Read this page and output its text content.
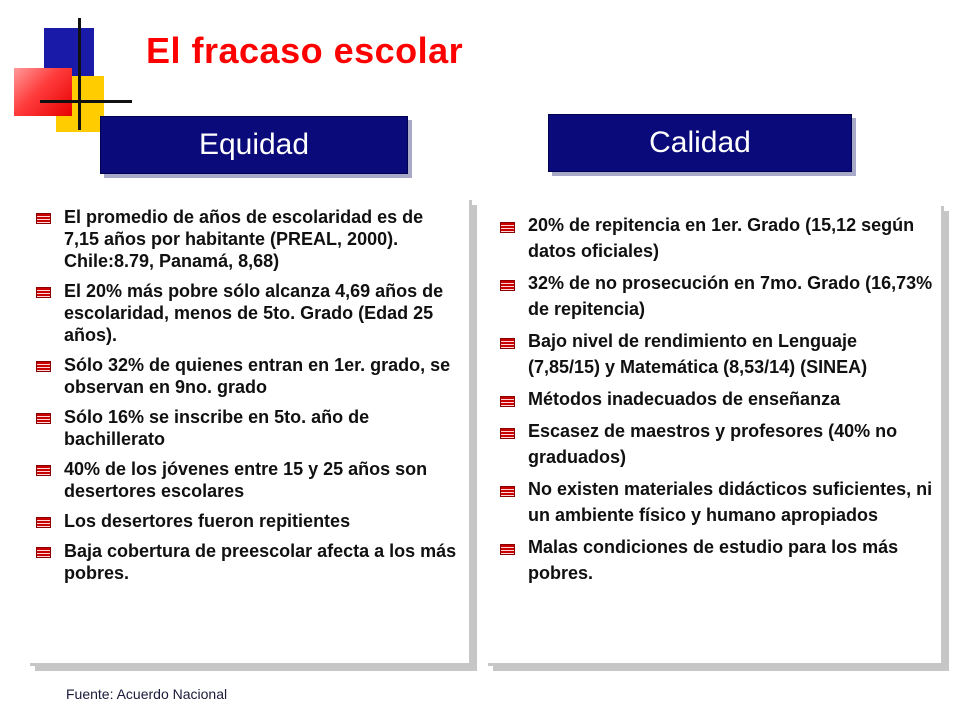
El fracaso escolar
Equidad	Calidad
El promedio de años de escolaridad es de 7,15 años por habitante (PREAL, 2000). Chile:8.79, Panamá, 8,68)
El 20% más pobre sólo alcanza 4,69 años de escolaridad, menos de 5to. Grado (Edad 25 años).
Sólo 32% de quienes entran en 1er. grado, se observan en 9no. grado
Sólo 16% se inscribe en 5to. año de bachillerato
40% de los jóvenes entre 15 y 25 años son desertores escolares
Los desertores fueron repitientes
Baja cobertura de preescolar afecta a los más pobres.
20% de repitencia en 1er. Grado (15,12 según datos oficiales)
32% de no prosecución en 7mo. Grado (16,73% de repitencia)
Bajo nivel de rendimiento en Lenguaje (7,85/15) y Matemática (8,53/14) (SINEA)
Métodos inadecuados de enseñanza
Escasez de maestros y profesores (40% no graduados)
No existen materiales didácticos suficientes, ni un ambiente físico y humano apropiados
Malas condiciones de estudio para los más pobres.
Fuente: Acuerdo Nacional
